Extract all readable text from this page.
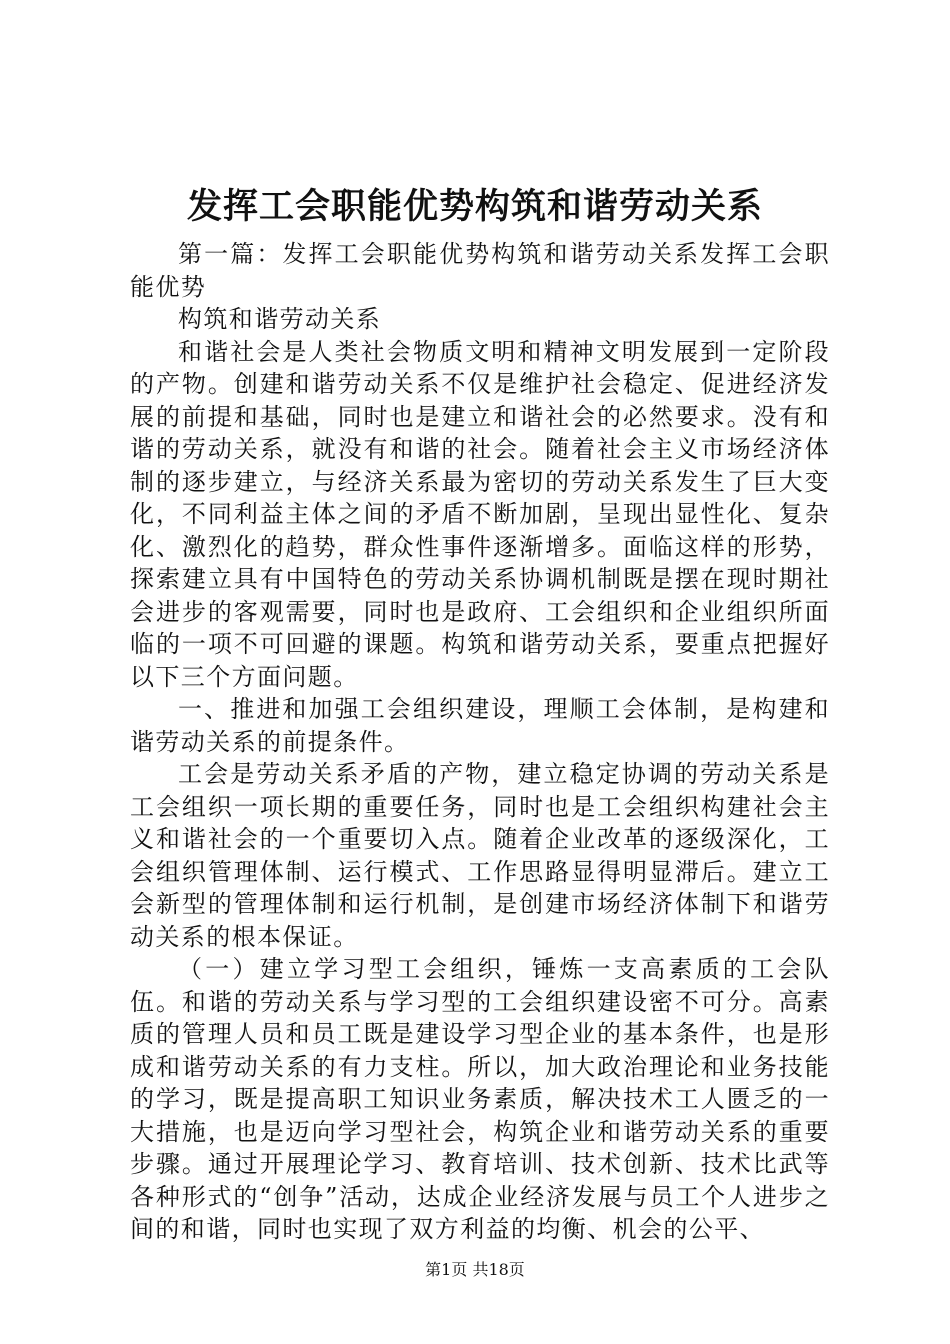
发挥工会职能优势构筑和谐劳动关系

第一篇：发挥工会职能优势构筑和谐劳动关系发挥工会职能优势

构筑和谐劳动关系

和谐社会是人类社会物质文明和精神文明发展到一定阶段的产物。创建和谐劳动关系不仅是维护社会稳定、促进经济发展的前提和基础，同时也是建立和谐社会的必然要求。没有和谐的劳动关系，就没有和谐的社会。随着社会主义市场经济体制的逐步建立，与经济关系最为密切的劳动关系发生了巨大变化，不同利益主体之间的矛盾不断加剧，呈现出显性化、复杂化、激烈化的趋势，群众性事件逐渐增多。面临这样的形势，探索建立具有中国特色的劳动关系协调机制既是摆在现时期社会进步的客观需要，同时也是政府、工会组织和企业组织所面临的一项不可回避的课题。构筑和谐劳动关系，要重点把握好以下三个方面问题。

一、推进和加强工会组织建设，理顺工会体制，是构建和谐劳动关系的前提条件。

工会是劳动关系矛盾的产物，建立稳定协调的劳动关系是工会组织一项长期的重要任务，同时也是工会组织构建社会主义和谐社会的一个重要切入点。随着企业改革的逐级深化，工会组织管理体制、运行模式、工作思路显得明显滞后。建立工会新型的管理体制和运行机制，是创建市场经济体制下和谐劳动关系的根本保证。

（一）建立学习型工会组织，锤炼一支高素质的工会队伍。和谐的劳动关系与学习型的工会组织建设密不可分。高素质的管理人员和员工既是建设学习型企业的基本条件，也是形成和谐劳动关系的有力支柱。所以，加大政治理论和业务技能的学习，既是提高职工知识业务素质，解决技术工人匮乏的一大措施，也是迈向学习型社会，构筑企业和谐劳动关系的重要步骤。通过开展理论学习、教育培训、技术创新、技术比武等各种形式的“创争”活动，达成企业经济发展与员工个人进步之间的和谐，同时也实现了双方利益的均衡、机会的公平、

第1页 共18页
